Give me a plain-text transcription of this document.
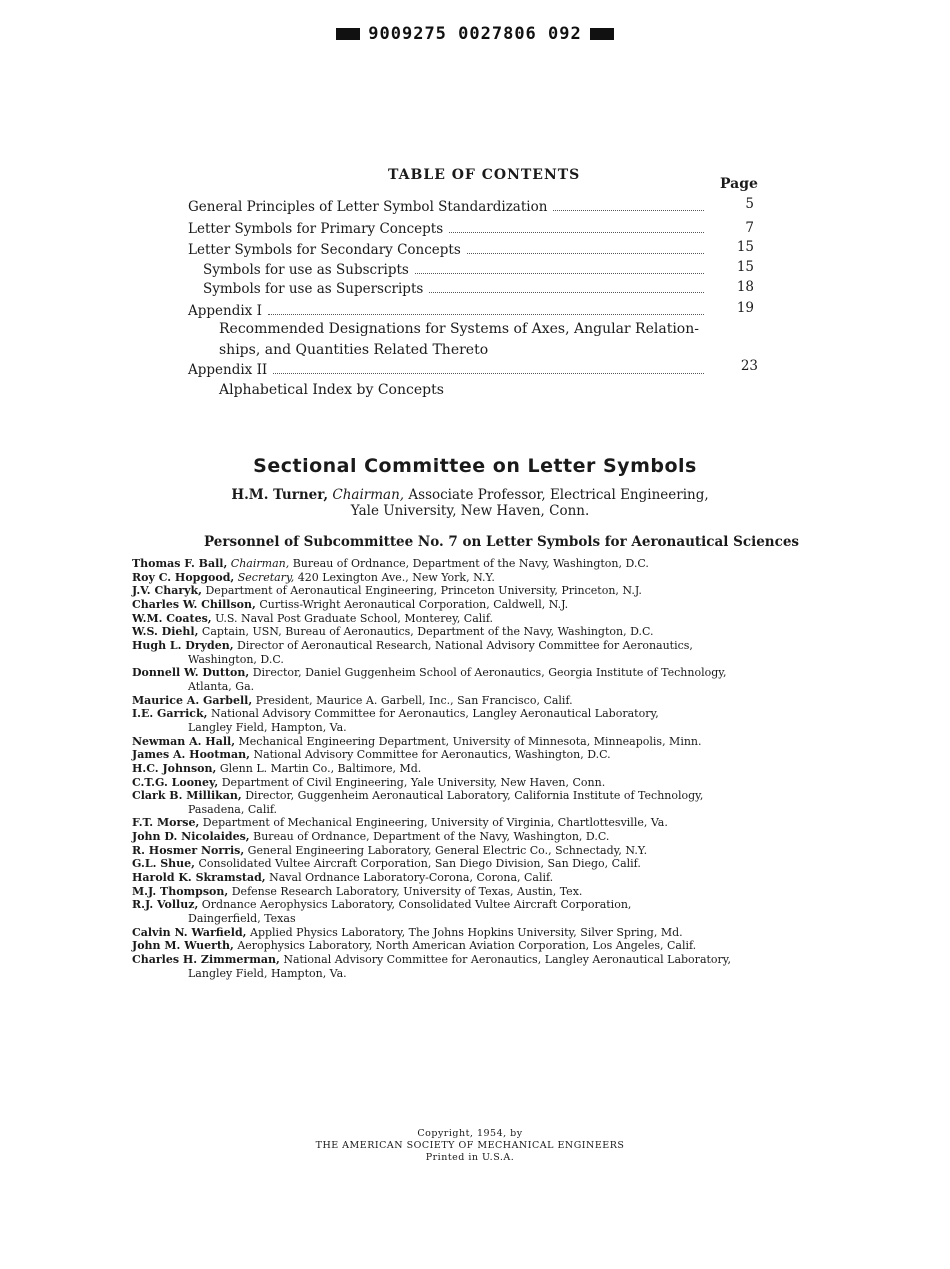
9009275 0027806 092
TABLE OF CONTENTS
Page
General Principles of Letter Symbol Standardization	5
Letter Symbols for Primary Concepts	7
Letter Symbols for Secondary Concepts	15
Symbols for use as Subscripts	15
Symbols for use as Superscripts	18
Appendix I	19
Recommended Designations for Systems of Axes, Angular Relation-
ships, and Quantities Related Thereto
Appendix II	23
Alphabetical Index by Concepts
Sectional Committee on Letter Symbols
H.M. Turner, Chairman, Associate Professor, Electrical Engineering,
Yale University, New Haven, Conn.
Personnel of Subcommittee No. 7 on Letter Symbols for Aeronautical Sciences
Thomas F. Ball, Chairman, Bureau of Ordnance, Department of the Navy, Washington, D.C.
Roy C. Hopgood, Secretary, 420 Lexington Ave., New York, N.Y.
J.V. Charyk, Department of Aeronautical Engineering, Princeton University, Princeton, N.J.
Charles W. Chillson, Curtiss-Wright Aeronautical Corporation, Caldwell, N.J.
W.M. Coates, U.S. Naval Post Graduate School, Monterey, Calif.
W.S. Diehl, Captain, USN, Bureau of Aeronautics, Department of the Navy, Washington, D.C.
Hugh L. Dryden, Director of Aeronautical Research, National Advisory Committee for Aeronautics,
Washington, D.C.
Donnell W. Dutton, Director, Daniel Guggenheim School of Aeronautics, Georgia Institute of Technology,
Atlanta, Ga.
Maurice A. Garbell, President, Maurice A. Garbell, Inc., San Francisco, Calif.
I.E. Garrick, National Advisory Committee for Aeronautics, Langley Aeronautical Laboratory,
Langley Field, Hampton, Va.
Newman A. Hall, Mechanical Engineering Department, University of Minnesota, Minneapolis, Minn.
James A. Hootman, National Advisory Committee for Aeronautics, Washington, D.C.
H.C. Johnson, Glenn L. Martin Co., Baltimore, Md.
C.T.G. Looney, Department of Civil Engineering, Yale University, New Haven, Conn.
Clark B. Millikan, Director, Guggenheim Aeronautical Laboratory, California Institute of Technology,
Pasadena, Calif.
F.T. Morse, Department of Mechanical Engineering, University of Virginia, Chartlottesville, Va.
John D. Nicolaides, Bureau of Ordnance, Department of the Navy, Washington, D.C.
R. Hosmer Norris, General Engineering Laboratory, General Electric Co., Schnectady, N.Y.
G.L. Shue, Consolidated Vultee Aircraft Corporation, San Diego Division, San Diego, Calif.
Harold K. Skramstad, Naval Ordnance Laboratory-Corona, Corona, Calif.
M.J. Thompson, Defense Research Laboratory, University of Texas, Austin, Tex.
R.J. Volluz, Ordnance Aerophysics Laboratory, Consolidated Vultee Aircraft Corporation,
Daingerfield, Texas
Calvin N. Warfield, Applied Physics Laboratory, The Johns Hopkins University, Silver Spring, Md.
John M. Wuerth, Aerophysics Laboratory, North American Aviation Corporation, Los Angeles, Calif.
Charles H. Zimmerman, National Advisory Committee for Aeronautics, Langley Aeronautical Laboratory,
Langley Field, Hampton, Va.
Copyright, 1954, by
THE AMERICAN SOCIETY OF MECHANICAL ENGINEERS
Printed in U.S.A.
